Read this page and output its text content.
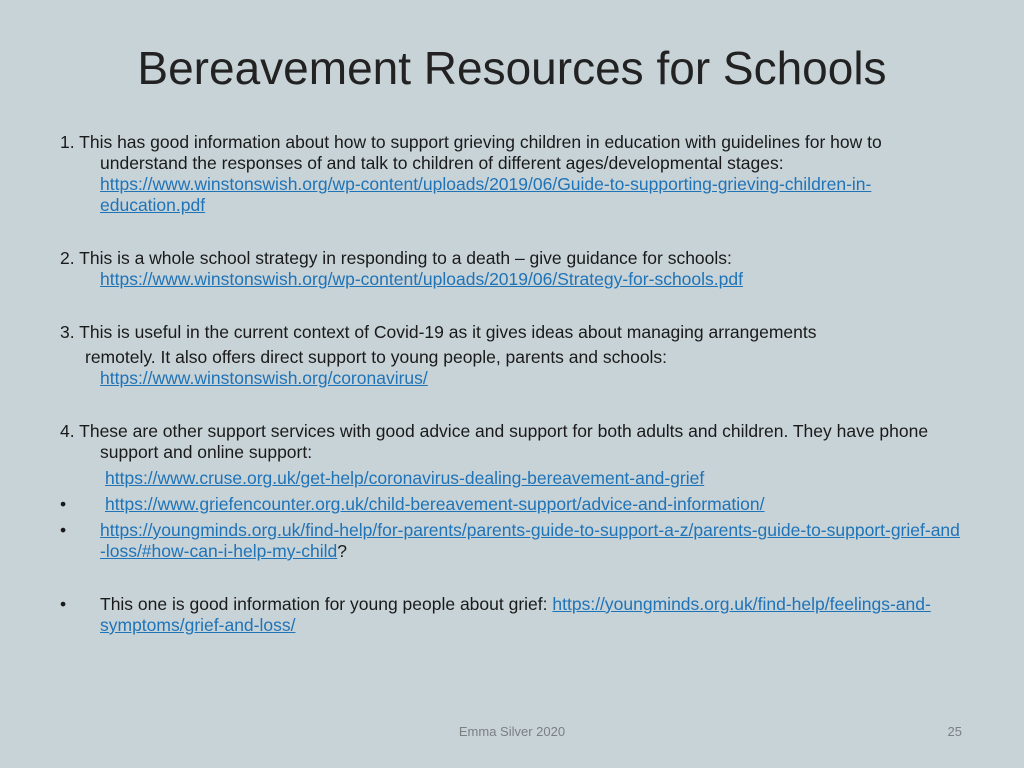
Bereavement Resources for Schools
1. This has good information about how to support grieving children in education with guidelines for how to understand the responses of and talk to children of different ages/developmental stages: https://www.winstonswish.org/wp-content/uploads/2019/06/Guide-to-supporting-grieving-children-in-education.pdf
2. This is a whole school strategy in responding to a death – give guidance for schools: https://www.winstonswish.org/wp-content/uploads/2019/06/Strategy-for-schools.pdf
3. This is useful in the current context of Covid-19 as it gives ideas about managing arrangements
remotely. It also offers direct support to young people, parents and schools:
https://www.winstonswish.org/coronavirus/
4. These are other support services with good advice and support for both adults and children. They have phone support and online support:
https://www.cruse.org.uk/get-help/coronavirus-dealing-bereavement-and-grief
• https://www.griefencounter.org.uk/child-bereavement-support/advice-and-information/
• https://youngminds.org.uk/find-help/for-parents/parents-guide-to-support-a-z/parents-guide-to-support-grief-and-loss/#how-can-i-help-my-child?
• This one is good information for young people about grief: https://youngminds.org.uk/find-help/feelings-and-symptoms/grief-and-loss/
Emma Silver 2020	25
